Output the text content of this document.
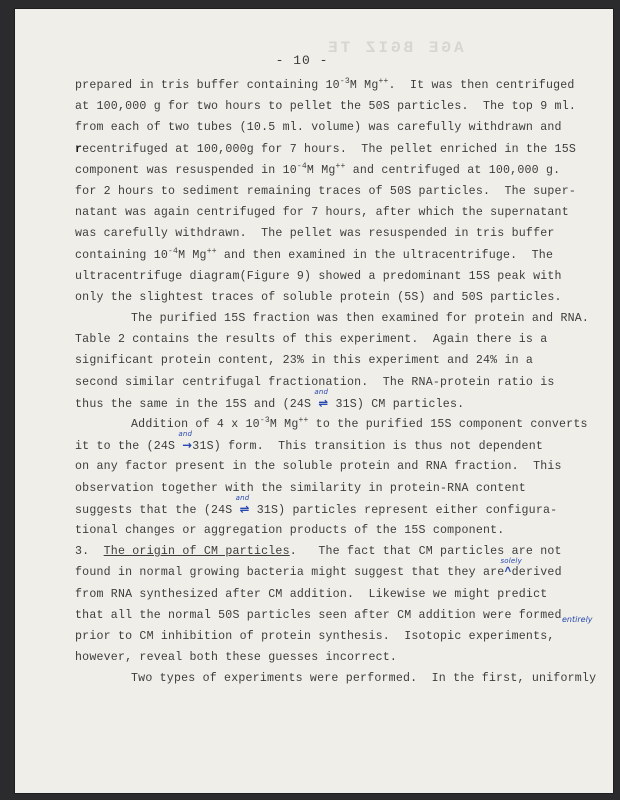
AGE BGIZ TE
- 10 -
prepared in tris buffer containing $10^{-3}M$ Mg++.  It was then centrifuged
at 100,000 g for two hours to pellet the 50S particles.  The top 9 ml.
from each of two tubes (10.5 ml. volume) was carefully withdrawn and
recentrifuged at 100,000g for 7 hours.  The pellet enriched in the 15S
component was resuspended in $10^{-4}M$ Mg++ and centrifuged at 100,000 g.
for 2 hours to sediment remaining traces of 50S particles.  The super-
natant was again centrifuged for 7 hours, after which the supernatant
was carefully withdrawn.  The pellet was resuspended in tris buffer
containing $10^{-4}M$ Mg++ and then examined in the ultracentrifuge.  The
ultracentrifuge diagram(Figure 9) showed a predominant 15S peak with
only the slightest traces of soluble protein (5S) and 50S particles.
The purified 15S fraction was then examined for protein and RNA.
Table 2 contains the results of this experiment.  Again there is a
significant protein content, 23% in this experiment and 24% in a
second similar centrifugal fractionation.  The RNA-protein ratio is
thus the same in the 15S and (24S
and
⇌ 31S) CM particles.
Addition of 4 x $10^{-3}M$ Mg++ to the purified 15S component converts
it to the (24S
and
→31S) form.  This transition is thus not dependent
on any factor present in the soluble protein and RNA fraction.  This
observation together with the similarity in protein-RNA content
suggests that the (24S
and
⇌ 31S) particles represent either configura-
tional changes or aggregation products of the 15S component.
3.  The origin of CM particles.   The fact that CM particles are not
found in normal growing bacteria might suggest that they are
solely
^derived
from RNA synthesized after CM addition.  Likewise we might predict
that all the normal 50S particles seen after CM addition were formed
prior to CM inhibition of protein synthesis.  Isotopic experiments,
however, reveal both these guesses incorrect.
Two types of experiments were performed.  In the first, uniformly
entirely
